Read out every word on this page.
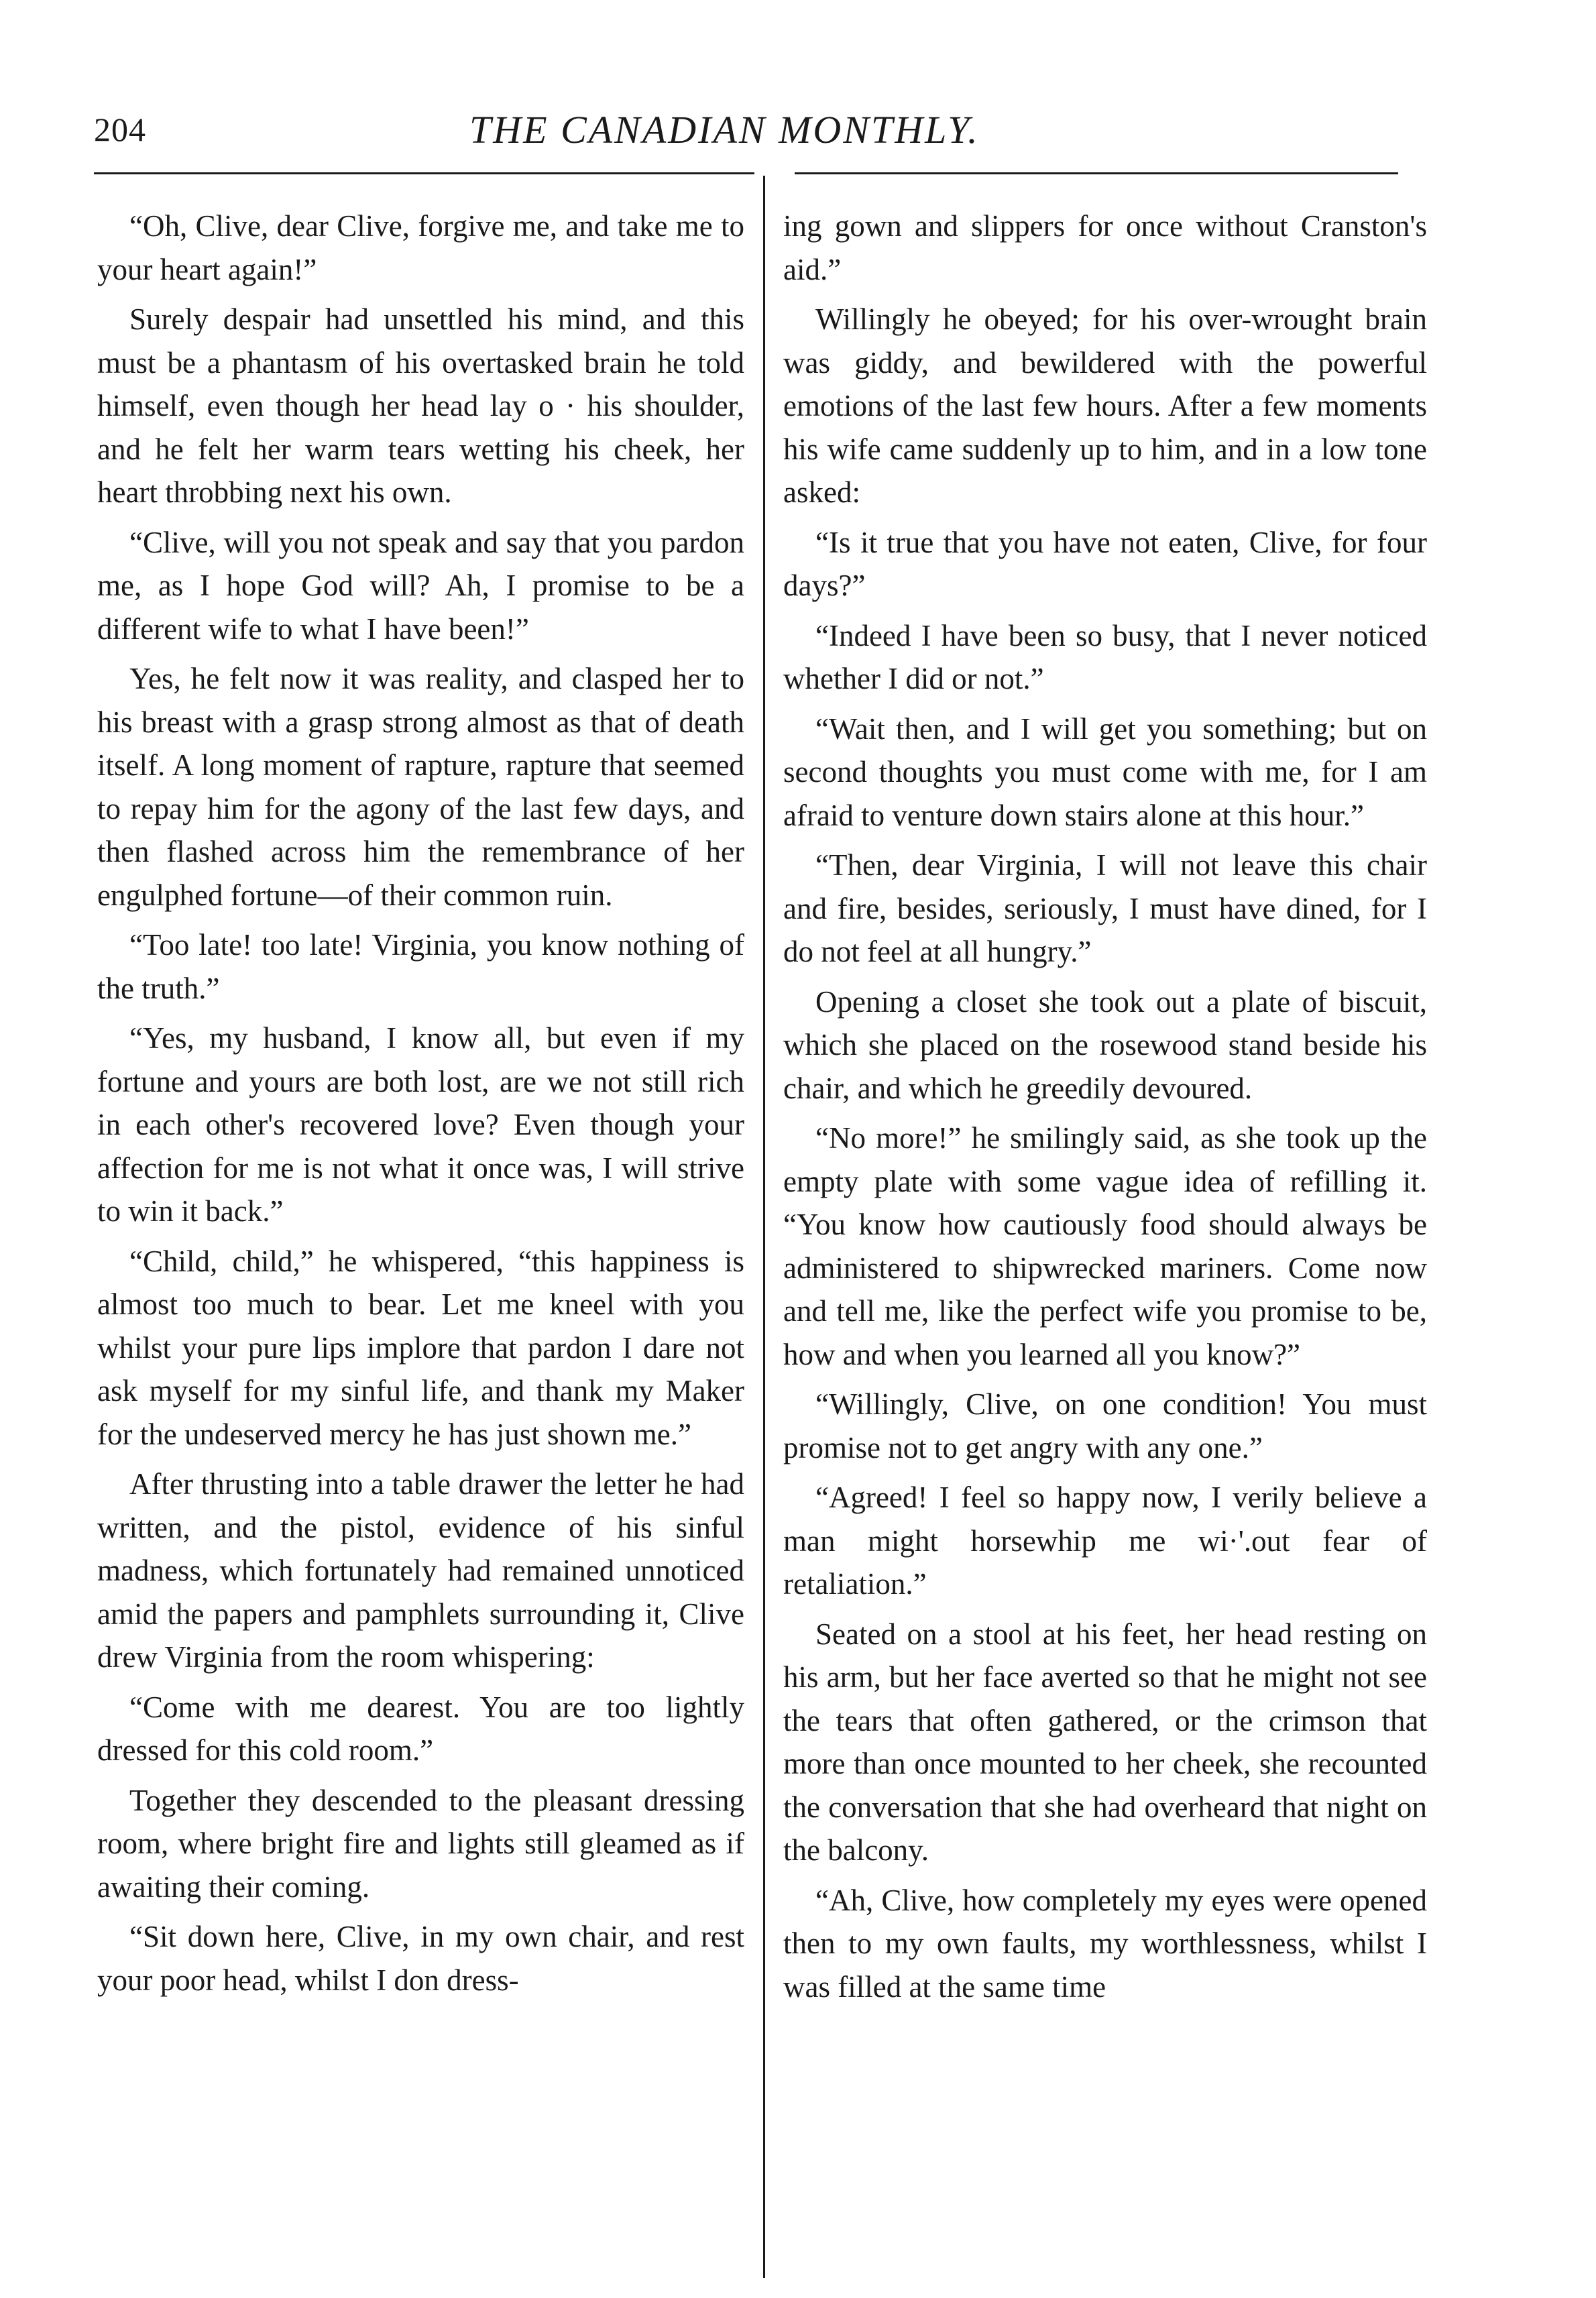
204	THE CANADIAN MONTHLY.

“Oh, Clive, dear Clive, forgive me, and take me to your heart again!”

Surely despair had unsettled his mind, and this must be a phantasm of his overtasked brain he told himself, even though her head lay o · his shoulder, and he felt her warm tears wetting his cheek, her heart throbbing next his own.

“Clive, will you not speak and say that you pardon me, as I hope God will? Ah, I promise to be a different wife to what I have been!”

Yes, he felt now it was reality, and clasped her to his breast with a grasp strong almost as that of death itself. A long moment of rapture, rapture that seemed to repay him for the agony of the last few days, and then flashed across him the remembrance of her engulphed fortune—of their common ruin.

“Too late! too late! Virginia, you know nothing of the truth.”

“Yes, my husband, I know all, but even if my fortune and yours are both lost, are we not still rich in each other's recovered love? Even though your affection for me is not what it once was, I will strive to win it back.”

“Child, child,” he whispered, “this happiness is almost too much to bear. Let me kneel with you whilst your pure lips implore that pardon I dare not ask myself for my sinful life, and thank my Maker for the undeserved mercy he has just shown me.”

After thrusting into a table drawer the letter he had written, and the pistol, evidence of his sinful madness, which fortunately had remained unnoticed amid the papers and pamphlets surrounding it, Clive drew Virginia from the room whispering:

“Come with me dearest. You are too lightly dressed for this cold room.”

Together they descended to the pleasant dressing room, where bright fire and lights still gleamed as if awaiting their coming.

“Sit down here, Clive, in my own chair, and rest your poor head, whilst I don dress-

ing gown and slippers for once without Cranston's aid.”

Willingly he obeyed; for his over-wrought brain was giddy, and bewildered with the powerful emotions of the last few hours. After a few moments his wife came suddenly up to him, and in a low tone asked:

“Is it true that you have not eaten, Clive, for four days?”

“Indeed I have been so busy, that I never noticed whether I did or not.”

“Wait then, and I will get you something; but on second thoughts you must come with me, for I am afraid to venture down stairs alone at this hour.”

“Then, dear Virginia, I will not leave this chair and fire, besides, seriously, I must have dined, for I do not feel at all hungry.”

Opening a closet she took out a plate of biscuit, which she placed on the rosewood stand beside his chair, and which he greedily devoured.

“No more!” he smilingly said, as she took up the empty plate with some vague idea of refilling it. “You know how cautiously food should always be administered to shipwrecked mariners. Come now and tell me, like the perfect wife you promise to be, how and when you learned all you know?”

“Willingly, Clive, on one condition! You must promise not to get angry with any one.”

“Agreed! I feel so happy now, I verily believe a man might horsewhip me wi·'.out fear of retaliation.”

Seated on a stool at his feet, her head resting on his arm, but her face averted so that he might not see the tears that often gathered, or the crimson that more than once mounted to her cheek, she recounted the conversation that she had overheard that night on the balcony.

“Ah, Clive, how completely my eyes were opened then to my own faults, my worthlessness, whilst I was filled at the same time
